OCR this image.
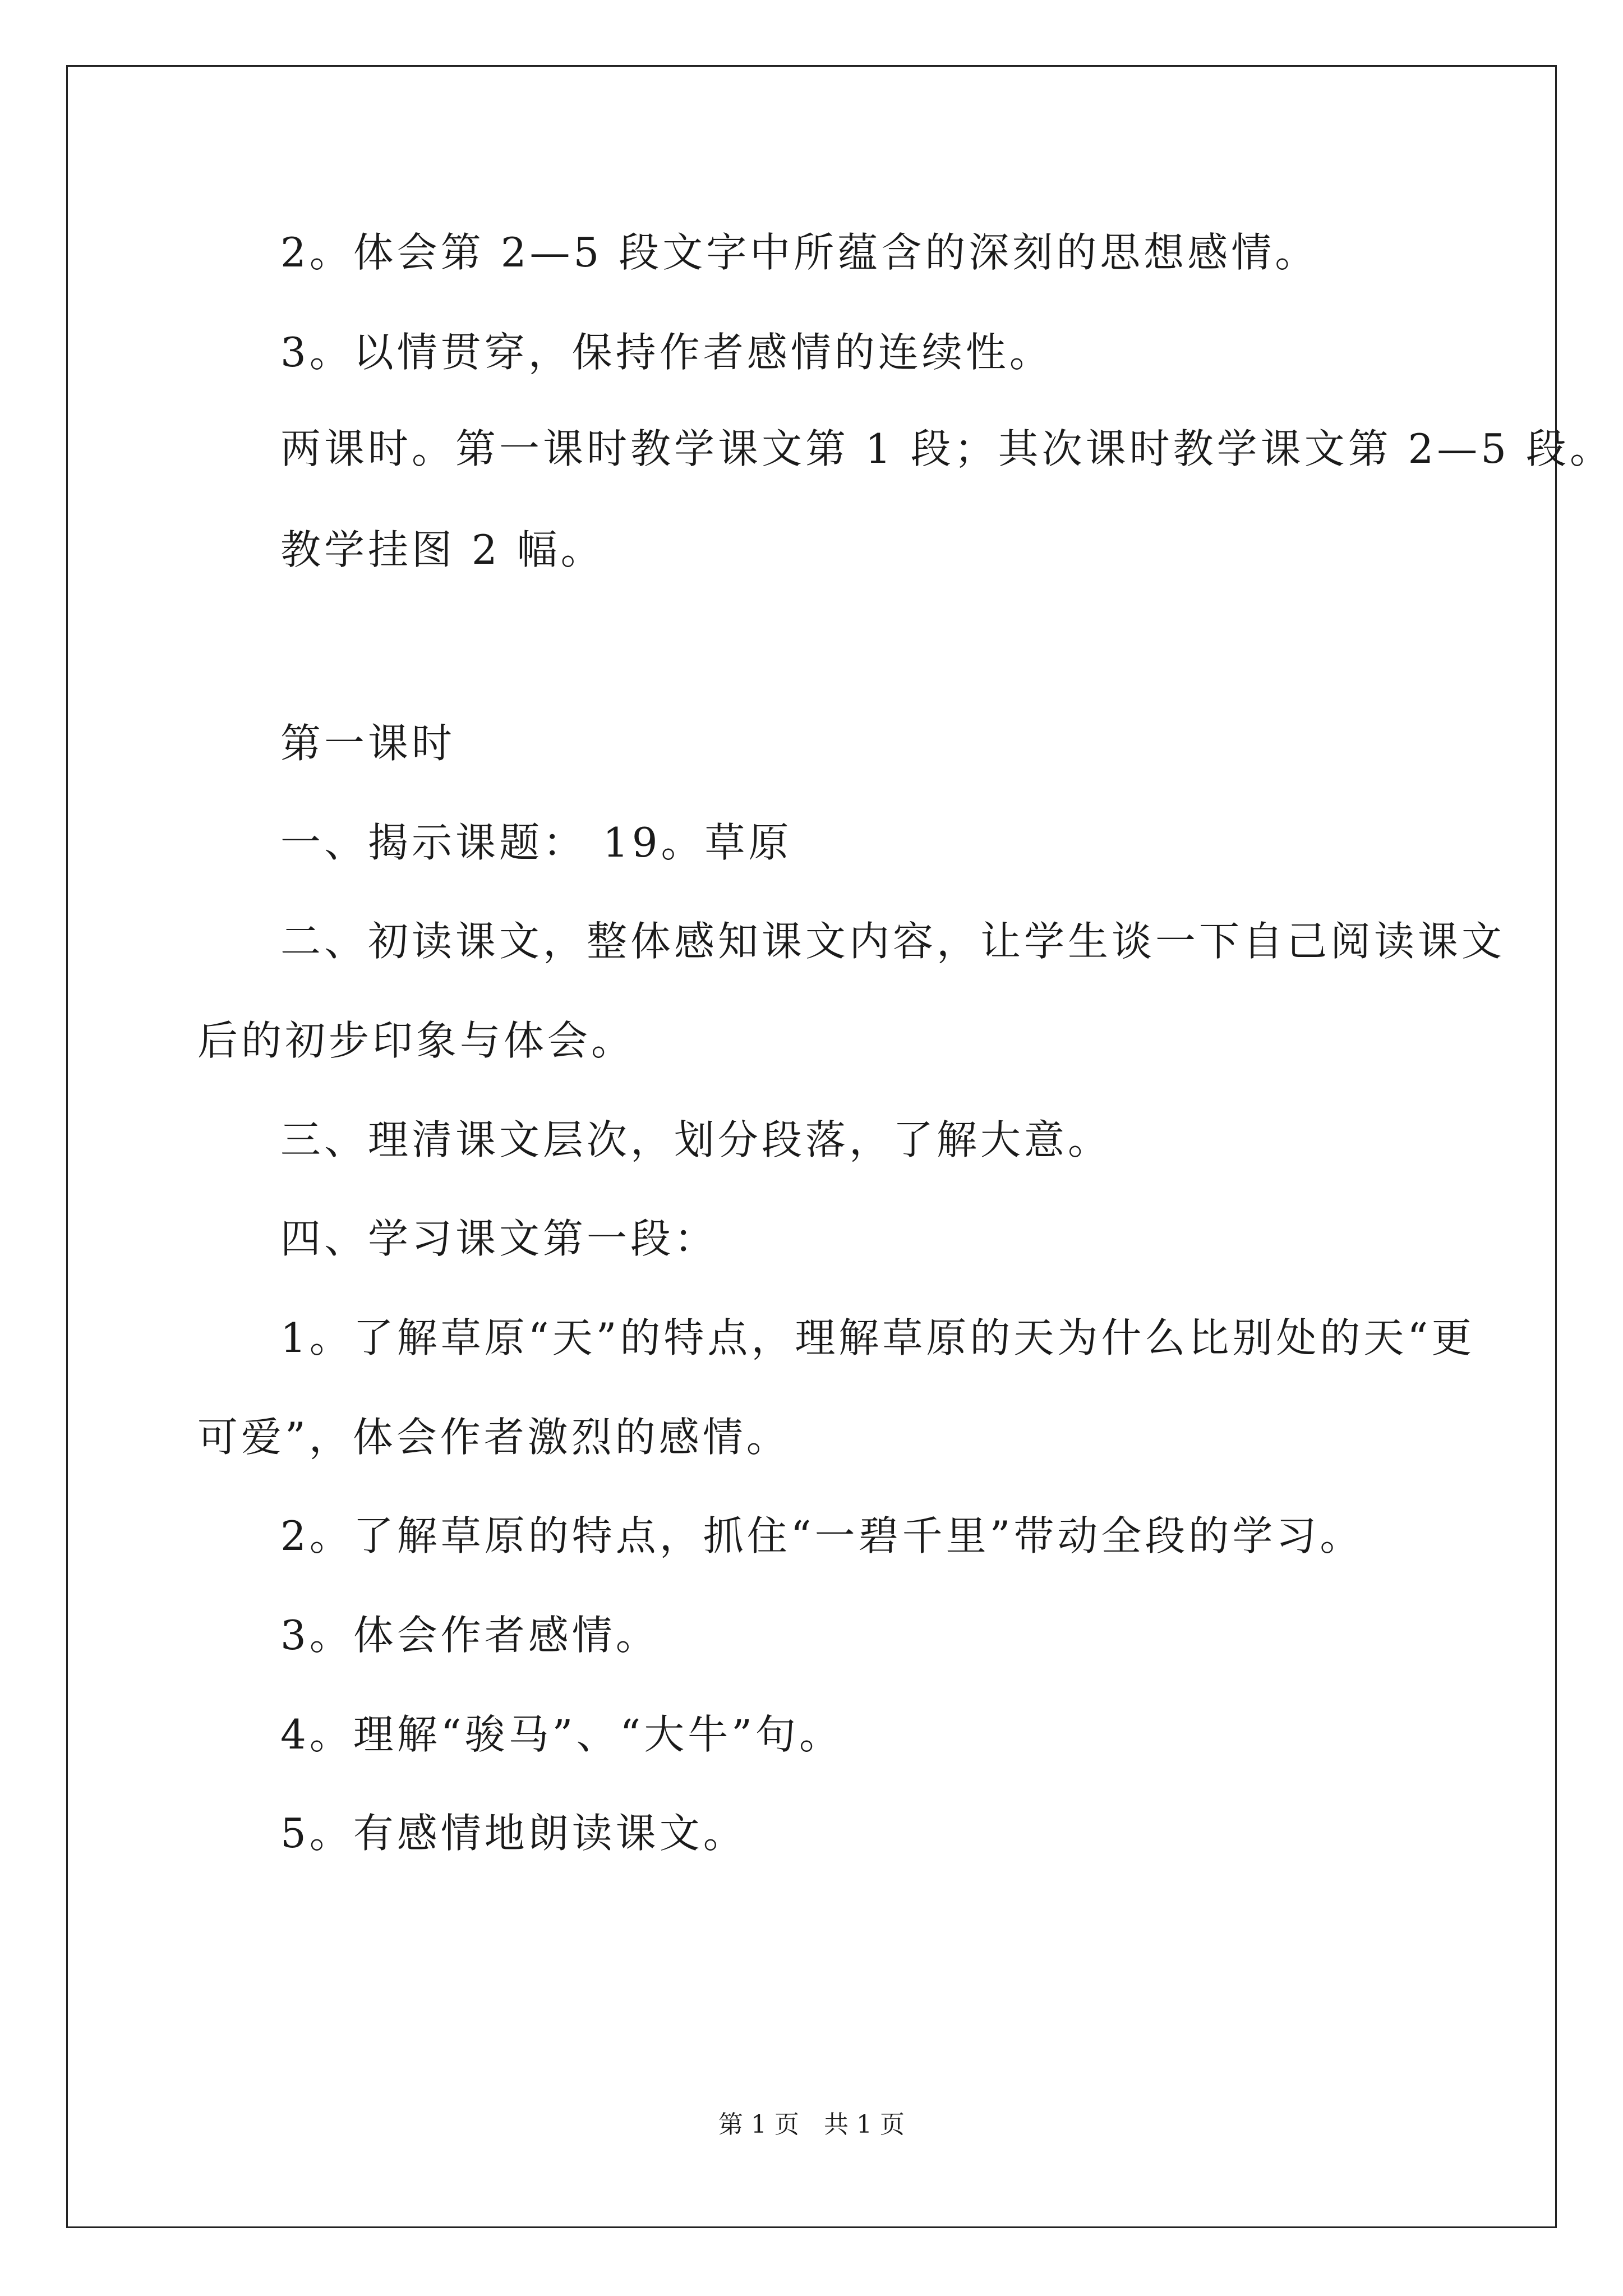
2。体会第 2—5 段文字中所蕴含的深刻的思想感情。
3。以情贯穿，保持作者感情的连续性。
两课时。第一课时教学课文第 1 段；其次课时教学课文第 2—5 段。
教学挂图 2 幅。
第一课时
一、揭示课题： 19。草原
二、初读课文，整体感知课文内容，让学生谈一下自己阅读课文
后的初步印象与体会。
三、理清课文层次，划分段落，了解大意。
四、学习课文第一段：
1。了解草原“天”的特点，理解草原的天为什么比别处的天“更
可爱”，体会作者激烈的感情。
2。了解草原的特点，抓住“一碧千里”带动全段的学习。
3。体会作者感情。
4。理解“骏马”、“大牛”句。
5。有感情地朗读课文。
第 1 页　共 1 页
